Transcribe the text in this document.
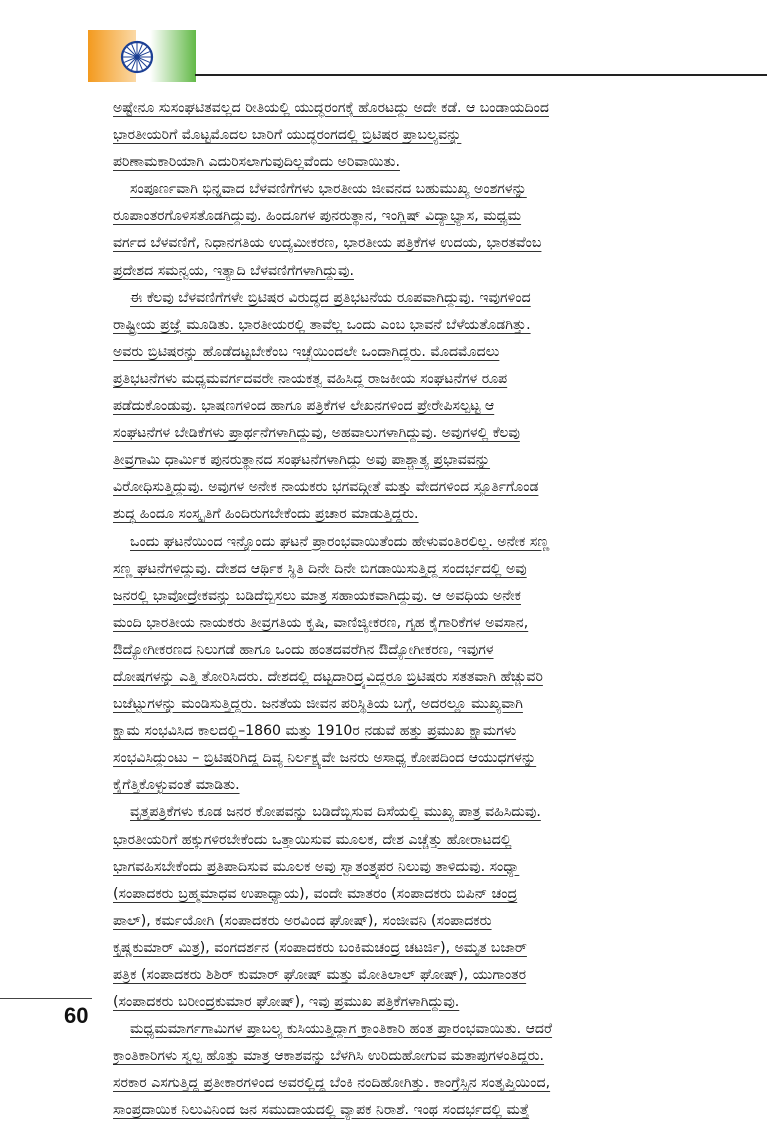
ಅಷ್ಟೇನೂ ಸುಸಂಘಟಿತವಲ್ಲದ ರೀತಿಯಲ್ಲಿ ಯುದ್ಧರಂಗಕ್ಕೆ ಹೊರಟದ್ದು ಅದೇ ಕಡೆ. ಆ ಬಂಡಾಯದಿಂದ
ಭಾರತೀಯರಿಗೆ ಮೊಟ್ಟಮೊದಲ ಬಾರಿಗೆ ಯುದ್ಧರಂಗದಲ್ಲಿ ಬ್ರಿಟಿಷರ ಪ್ರಾಬಲ್ಯವನ್ನು
ಪರಿಣಾಮಕಾರಿಯಾಗಿ ಎದುರಿಸಲಾಗುವುದಿಲ್ಲವೆಂದು ಅರಿವಾಯಿತು.
ಸಂಪೂರ್ಣವಾಗಿ ಭಿನ್ನವಾದ ಬೆಳವಣಿಗೆಗಳು ಭಾರತೀಯ ಜೀವನದ ಬಹುಮುಖ್ಯ ಅಂಶಗಳನ್ನು
ರೂಪಾಂತರಗೊಳಿಸತೊಡಗಿದ್ದುವು. ಹಿಂದೂಗಳ ಪುನರುತ್ಥಾನ, ಇಂಗ್ಲಿಷ್ ವಿದ್ಯಾಭ್ಯಾಸ, ಮಧ್ಯಮ
ವರ್ಗದ ಬೆಳವಣಿಗೆ, ನಿಧಾನಗತಿಯ ಉದ್ಯಮೀಕರಣ, ಭಾರತೀಯ ಪತ್ರಿಕೆಗಳ ಉದಯ, ಭಾರತವೆಂಬ
ಪ್ರದೇಶದ ಸಮನ್ವಯ, ಇತ್ಯಾದಿ ಬೆಳವಣಿಗೆಗಳಾಗಿದ್ದುವು.
ಈ ಕೆಲವು ಬೆಳವಣಿಗೆಗಳೇ ಬ್ರಿಟಿಷರ ವಿರುದ್ಧದ ಪ್ರತಿಭಟನೆಯ ರೂಪವಾಗಿದ್ದುವು. ಇವುಗಳಿಂದ
ರಾಷ್ಟ್ರೀಯ ಪ್ರಜ್ಞೆ ಮೂಡಿತು. ಭಾರತೀಯರಲ್ಲಿ ತಾವೆಲ್ಲ ಒಂದು ಎಂಬ ಭಾವನೆ ಬೆಳೆಯತೊಡಗಿತ್ತು.
ಅವರು ಬ್ರಿಟಿಷರನ್ನು ಹೊಡೆದಟ್ಟಬೇಕೆಂಬ ಇಚ್ಛೆಯಿಂದಲೇ ಒಂದಾಗಿದ್ದರು. ಮೊದಮೊದಲು
ಪ್ರತಿಭಟನೆಗಳು ಮಧ್ಯಮವರ್ಗದವರೇ ನಾಯಕತ್ವ ವಹಿಸಿದ್ದ ರಾಜಕೀಯ ಸಂಘಟನೆಗಳ ರೂಪ
ಪಡೆದುಕೊಂಡುವು. ಭಾಷಣಗಳಿಂದ ಹಾಗೂ ಪತ್ರಿಕೆಗಳ ಲೇಖನಗಳಿಂದ ಪ್ರೇರೇಪಿಸಲ್ಪಟ್ಟ ಆ
ಸಂಘಟನೆಗಳ ಬೇಡಿಕೆಗಳು ಪ್ರಾರ್ಥನೆಗಳಾಗಿದ್ದುವು, ಅಹವಾಲುಗಳಾಗಿದ್ದುವು. ಅವುಗಳಲ್ಲಿ ಕೆಲವು
ತೀವ್ರಗಾಮಿ ಧಾರ್ಮಿಕ ಪುನರುತ್ಥಾನದ ಸಂಘಟನೆಗಳಾಗಿದ್ದು ಅವು ಪಾಶ್ಚಾತ್ಯ ಪ್ರಭಾವವನ್ನು
ವಿರೋಧಿಸುತ್ತಿದ್ದುವು. ಅವುಗಳ ಅನೇಕ ನಾಯಕರು ಭಗವದ್ಗೀತೆ ಮತ್ತು ವೇದಗಳಿಂದ ಸ್ಫೂರ್ತಿಗೊಂಡ
ಶುದ್ಧ ಹಿಂದೂ ಸಂಸ್ಕೃತಿಗೆ ಹಿಂದಿರುಗಬೇಕೆಂದು ಪ್ರಚಾರ ಮಾಡುತ್ತಿದ್ದರು.
ಒಂದು ಘಟನೆಯಿಂದ ಇನ್ನೊಂದು ಘಟನೆ ಪ್ರಾರಂಭವಾಯಿತೆಂದು ಹೇಳುವಂತಿರಲಿಲ್ಲ. ಅನೇಕ ಸಣ್ಣ
ಸಣ್ಣ ಘಟನೆಗಳಿದ್ದುವು. ದೇಶದ ಆರ್ಥಿಕ ಸ್ಥಿತಿ ದಿನೇ ದಿನೇ ಬಿಗಡಾಯಿಸುತ್ತಿದ್ದ ಸಂದರ್ಭದಲ್ಲಿ ಅವು
ಜನರಲ್ಲಿ ಭಾವೋದ್ರೇಕವನ್ನು ಬಡಿದೆಬ್ಬಿಸಲು ಮಾತ್ರ ಸಹಾಯಕವಾಗಿದ್ದುವು. ಆ ಅವಧಿಯ ಅನೇಕ
ಮಂದಿ ಭಾರತೀಯ ನಾಯಕರು ತೀವ್ರಗತಿಯ ಕೃಷಿ, ವಾಣಿಜ್ಯೀಕರಣ, ಗೃಹ ಕೈಗಾರಿಕೆಗಳ ಅವಸಾನ,
ಔದ್ಯೋಗೀಕರಣದ ನಿಲುಗಡೆ ಹಾಗೂ ಒಂದು ಹಂತದವರೆಗಿನ ಔದ್ಯೋಗೀಕರಣ, ಇವುಗಳ
ದೋಷಗಳನ್ನು ಎತ್ತಿ ತೋರಿಸಿದರು. ದೇಶದಲ್ಲಿ ದಟ್ಟದಾರಿದ್ರ್ಯವಿದ್ದರೂ ಬ್ರಿಟಿಷರು ಸತತವಾಗಿ ಹೆಚ್ಚುವರಿ
ಬಜೆಟ್ಟುಗಳನ್ನು ಮಂಡಿಸುತ್ತಿದ್ದರು. ಜನತೆಯ ಜೀವನ ಪರಿಸ್ಥಿತಿಯ ಬಗ್ಗೆ, ಅದರಲ್ಲೂ ಮುಖ್ಯವಾಗಿ
ಕ್ಷಾಮ ಸಂಭವಿಸಿದ ಕಾಲದಲ್ಲಿ–1860 ಮತ್ತು 1910ರ ನಡುವೆ ಹತ್ತು ಪ್ರಮುಖ ಕ್ಷಾಮಗಳು
ಸಂಭವಿಸಿದ್ದುಂಟು – ಬ್ರಿಟಿಷರಿಗಿದ್ದ ದಿವ್ಯ ನಿರ್ಲಕ್ಷ್ಯವೇ ಜನರು ಅಸಾಧ್ಯ ಕೋಪದಿಂದ ಆಯುಧಗಳನ್ನು
ಕೈಗೆತ್ತಿಕೊಳ್ಳುವಂತೆ ಮಾಡಿತು.
ವೃತ್ತಪತ್ರಿಕೆಗಳು ಕೂಡ ಜನರ ಕೋಪವನ್ನು ಬಡಿದೆಬ್ಬಿಸುವ ದಿಸೆಯಲ್ಲಿ ಮುಖ್ಯ ಪಾತ್ರ ವಹಿಸಿದುವು.
ಭಾರತೀಯರಿಗೆ ಹಕ್ಕುಗಳಿರಬೇಕೆಂದು ಒತ್ತಾಯಿಸುವ ಮೂಲಕ, ದೇಶ ಎಚ್ಚೆತ್ತು ಹೋರಾಟದಲ್ಲಿ
ಭಾಗವಹಿಸಬೇಕೆಂದು ಪ್ರತಿಪಾದಿಸುವ ಮೂಲಕ ಅವು ಸ್ವಾತಂತ್ರ್ಯಪರ ನಿಲುವು ತಾಳಿದುವು. ಸಂಧ್ಯಾ
(ಸಂಪಾದಕರು ಬ್ರಹ್ಮಮಾಧವ ಉಪಾಧ್ಯಾಯ), ವಂದೇ ಮಾತರಂ (ಸಂಪಾದಕರು ಬಿಪಿನ್ ಚಂದ್ರ
ಪಾಲ್), ಕರ್ಮಯೋಗಿ (ಸಂಪಾದಕರು ಅರವಿಂದ ಘೋಷ್), ಸಂಜೀವನಿ (ಸಂಪಾದಕರು
ಕೃಷ್ಣಕುಮಾರ್ ಮಿತ್ರ), ವಂಗದರ್ಶನ (ಸಂಪಾದಕರು ಬಂಕಿಮಚಂದ್ರ ಚಟರ್ಜಿ), ಅಮೃತ ಬಜಾರ್
ಪತ್ರಿಕ (ಸಂಪಾದಕರು ಶಿಶಿರ್ ಕುಮಾರ್ ಘೋಷ್ ಮತ್ತು ಮೋತಿಲಾಲ್ ಘೋಷ್), ಯುಗಾಂತರ
(ಸಂಪಾದಕರು ಬರೀಂದ್ರಕುಮಾರ ಘೋಷ್), ಇವು ಪ್ರಮುಖ ಪತ್ರಿಕೆಗಳಾಗಿದ್ದುವು.
ಮಧ್ಯಮಮಾರ್ಗಗಾಮಿಗಳ ಪ್ರಾಬಲ್ಯ ಕುಸಿಯುತ್ತಿದ್ದಾಗ ಕ್ರಾಂತಿಕಾರಿ ಹಂತ ಪ್ರಾರಂಭವಾಯಿತು. ಆದರೆ
ಕ್ರಾಂತಿಕಾರಿಗಳು ಸ್ವಲ್ಪ ಹೊತ್ತು ಮಾತ್ರ ಆಕಾಶವನ್ನು ಬೆಳಗಿಸಿ ಉರಿದುಹೋಗುವ ಮತಾಪುಗಳಂತಿದ್ದರು.
ಸರಕಾರ ಎಸಗುತ್ತಿದ್ದ ಪ್ರತೀಕಾರಗಳಿಂದ ಅವರಲ್ಲಿದ್ದ ಬೆಂಕಿ ನಂದಿಹೋಗಿತ್ತು. ಕಾಂಗ್ರೆಸ್ಸಿನ ಸಂತೃಪ್ತಿಯಿಂದ,
ಸಾಂಪ್ರದಾಯಿಕ ನಿಲುವಿನಿಂದ ಜನ ಸಮುದಾಯದಲ್ಲಿ ವ್ಯಾಪಕ ನಿರಾಶೆ. ಇಂಥ ಸಂದರ್ಭದಲ್ಲಿ ಮತ್ತೆ
60
